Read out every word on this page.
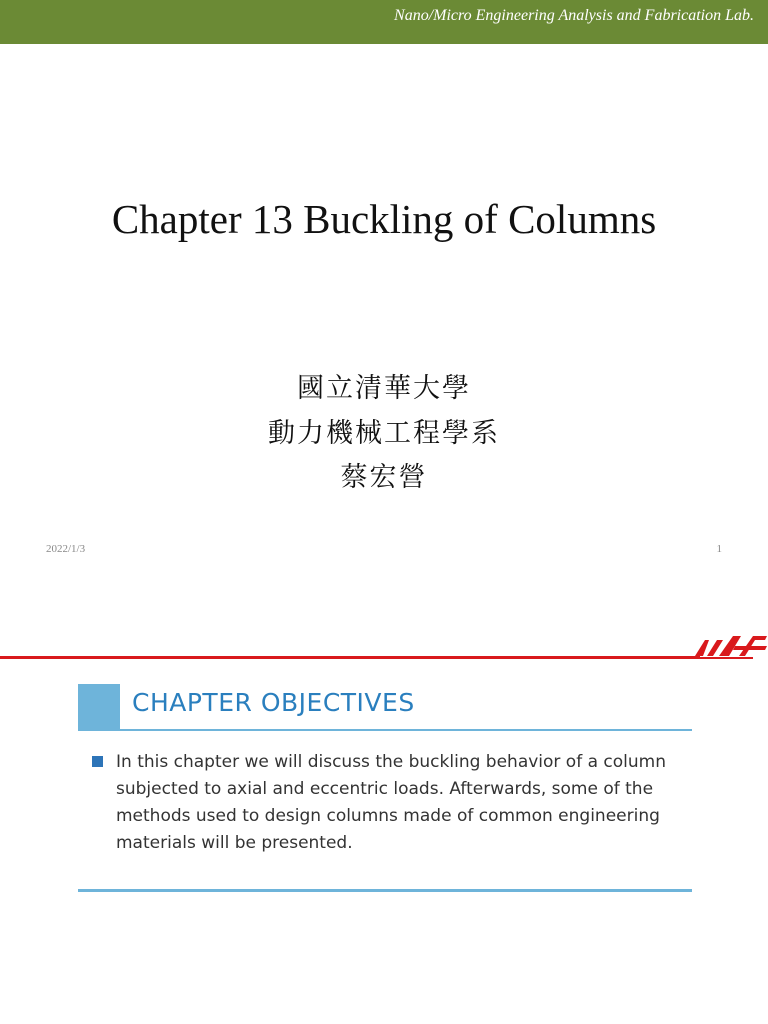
Nano/Micro Engineering Analysis and Fabrication Lab.
Chapter 13 Buckling of Columns
國立清華大學
動力機械工程學系
蔡宏營
2022/1/3	1
CHAPTER OBJECTIVES
In this chapter we will discuss the buckling behavior of a column subjected to axial and eccentric loads. Afterwards, some of the methods used to design columns made of common engineering materials will be presented.
